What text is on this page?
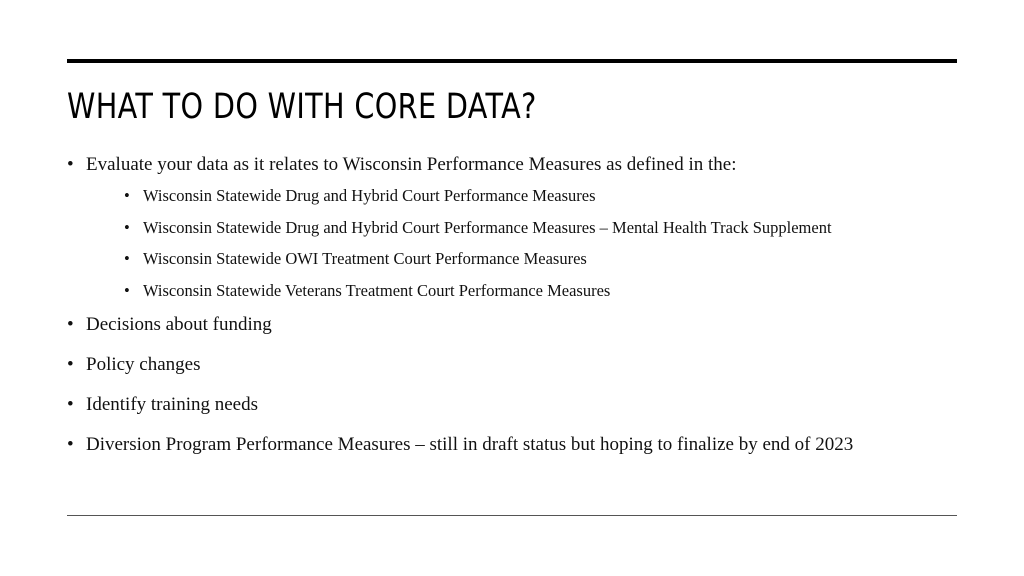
WHAT TO DO WITH CORE DATA?
• Evaluate your data as it relates to Wisconsin Performance Measures as defined in the:
• Wisconsin Statewide Drug and Hybrid Court Performance Measures
• Wisconsin Statewide Drug and Hybrid Court Performance Measures – Mental Health Track Supplement
• Wisconsin Statewide OWI Treatment Court Performance Measures
• Wisconsin Statewide Veterans Treatment Court Performance Measures
• Decisions about funding
• Policy changes
• Identify training needs
• Diversion Program Performance Measures – still in draft status but hoping to finalize by end of 2023
